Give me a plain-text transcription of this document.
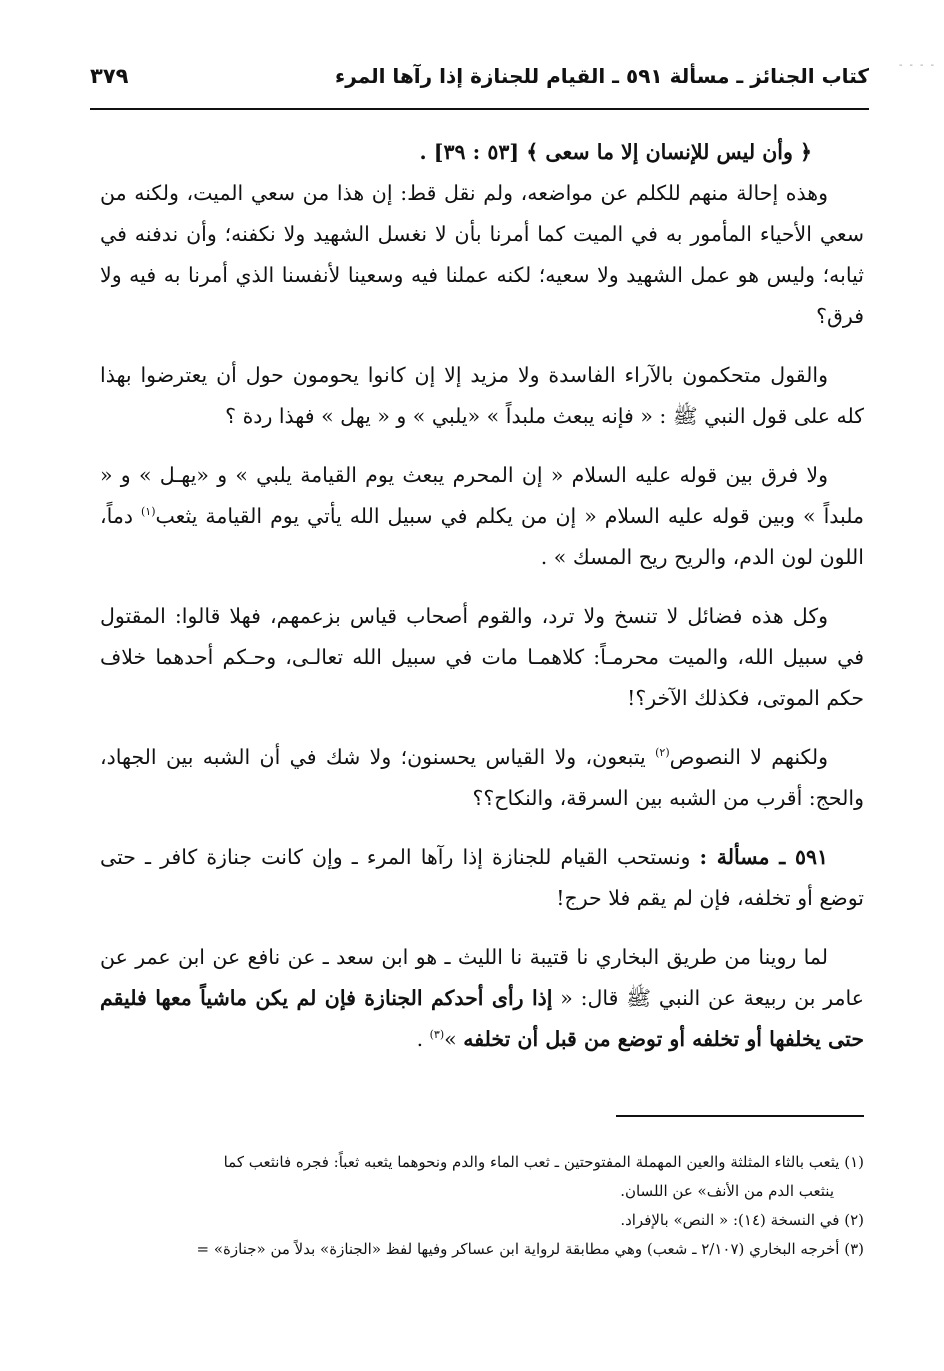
- - - -
كتاب الجنائز ـ مسألة ٥٩١ ـ القيام للجنازة إذا رآها المرء
٣٧٩

﴿ وأن ليس للإنسان إلا ما سعى ﴾ [٥٣ : ٣٩] .

وهذه إحالة منهم للكلم عن مواضعه، ولم نقل قط: إن هذا من سعي الميت، ولكنه من سعي الأحياء المأمور به في الميت كما أمرنا بأن لا نغسل الشهيد ولا نكفنه؛ وأن ندفنه في ثيابه؛ وليس هو عمل الشهيد ولا سعيه؛ لكنه عملنا فيه وسعينا لأنفسنا الذي أمرنا به فيه ولا فرق؟

والقول متحكمون بالآراء الفاسدة ولا مزيد إلا إن كانوا يحومون حول أن يعترضوا بهذا كله على قول النبي ﷺ : « فإنه يبعث ملبداً » «يلبي » و « يهل » فهذا ردة ؟

ولا فرق بين قوله عليه السلام « إن المحرم يبعث يوم القيامة يلبي » و «يهـل » و « ملبداً » وبين قوله عليه السلام « إن من يكلم في سبيل الله يأتي يوم القيامة يثعب$^{(١)}$ دماً، اللون لون الدم، والريح ريح المسك » .

وكل هذه فضائل لا تنسخ ولا ترد، والقوم أصحاب قياس بزعمهم، فهلا قالوا: المقتول في سبيل الله، والميت محرمـاً: كلاهمـا مات في سبيل الله تعالـى، وحـكم أحدهما خلاف حكم الموتى، فكذلك الآخر؟!

ولكنهم لا النصوص$^{(٢)}$ يتبعون، ولا القياس يحسنون؛ ولا شك في أن الشبه بين الجهاد، والحج: أقرب من الشبه بين السرقة، والنكاح؟؟

٥٩١ ـ مسألة : ونستحب القيام للجنازة إذا رآها المرء ـ وإن كانت جنازة كافر ـ حتى توضع أو تخلفه، فإن لم يقم فلا حرج!

لما روينا من طريق البخاري نا قتيبة نا الليث ـ هو ابن سعد ـ عن نافع عن ابن عمر عن عامر بن ربيعة عن النبي ﷺ قال: « إذا رأى أحدكم الجنازة فإن لم يكن ماشياً معها فليقم حتى يخلفها أو تخلفه أو توضع من قبل أن تخلفه »$^{(٣)}$ .

(١) يثعب بالثاء المثلثة والعين المهملة المفتوحتين ـ ثعب الماء والدم ونحوهما يثعبه ثعباً: فجره فانثعب كما

ينثعب الدم من الأنف» عن اللسان.

(٢) في النسخة (١٤): « النص» بالإفراد.

(٣) أخرجه البخاري (٢/١٠٧ ـ شعب) وهي مطابقة لرواية ابن عساكر وفيها لفظ «الجنازة» بدلاً من «جنازة» =
